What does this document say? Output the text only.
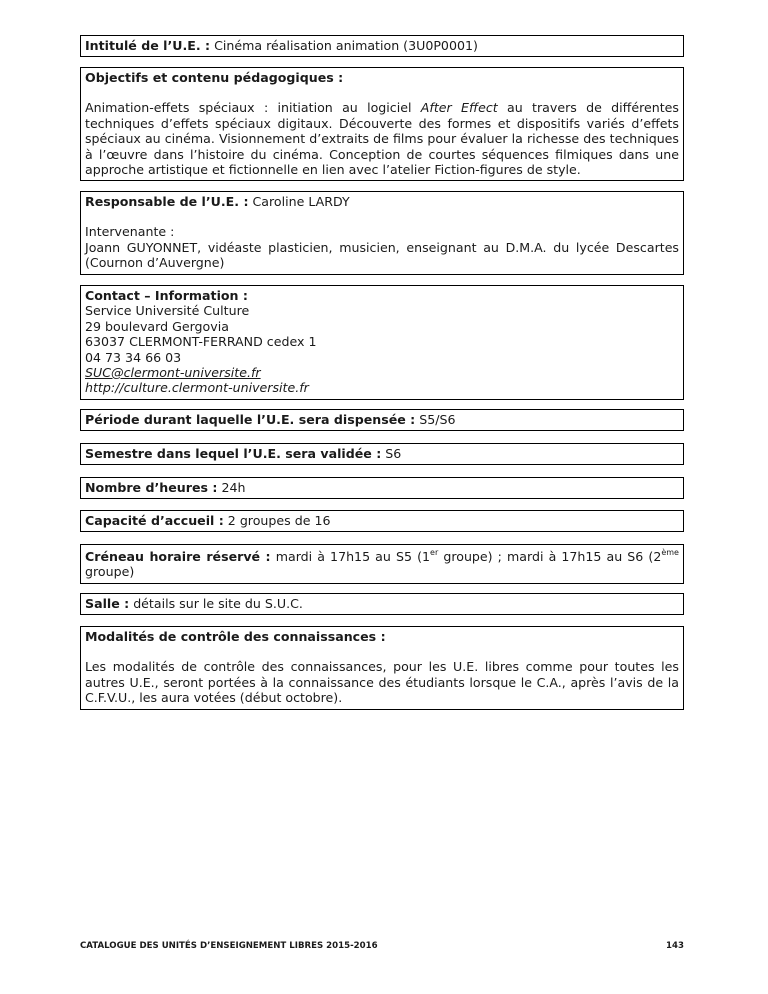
Intitulé de l’U.E. : Cinéma réalisation animation (3U0P0001)
Objectifs et contenu pédagogiques :
Animation-effets spéciaux : initiation au logiciel After Effect au travers de différentes techniques d’effets spéciaux digitaux. Découverte des formes et dispositifs variés d’effets spéciaux au cinéma. Visionnement d’extraits de films pour évaluer la richesse des techniques à l’œuvre dans l’histoire du cinéma. Conception de courtes séquences filmiques dans une approche artistique et fictionnelle en lien avec l’atelier Fiction-figures de style.
Responsable de l’U.E. : Caroline LARDY
Intervenante :
Joann GUYONNET, vidéaste plasticien, musicien, enseignant au D.M.A. du lycée Descartes (Cournon d’Auvergne)
Contact – Information :
Service Université Culture
29 boulevard Gergovia
63037 CLERMONT-FERRAND cedex 1
04 73 34 66 03
SUC@clermont-universite.fr
http://culture.clermont-universite.fr
Période durant laquelle l’U.E. sera dispensée : S5/S6
Semestre dans lequel l’U.E. sera validée : S6
Nombre d’heures : 24h
Capacité d’accueil : 2 groupes de 16
Créneau horaire réservé : mardi à 17h15 au S5 (1er groupe) ; mardi à 17h15 au S6 (2ème groupe)
Salle : détails sur le site du S.U.C.
Modalités de contrôle des connaissances :
Les modalités de contrôle des connaissances, pour les U.E. libres comme pour toutes les autres U.E., seront portées à la connaissance des étudiants lorsque le C.A., après l’avis de la C.F.V.U., les aura votées (début octobre).
CATALOGUE DES UNITÉS D’ENSEIGNEMENT LIBRES 2015-2016	143
